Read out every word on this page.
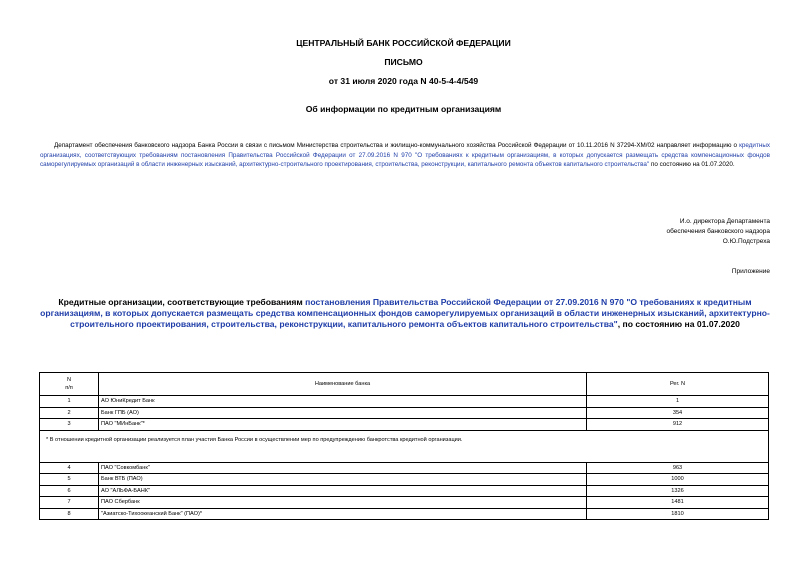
ЦЕНТРАЛЬНЫЙ БАНК РОССИЙСКОЙ ФЕДЕРАЦИИ
ПИСЬМО
от 31 июля 2020 года N 40-5-4-4/549
Об информации по кредитным организациям

Департамент обеспечения банковского надзора Банка России в связи с письмом Министерства строительства и жилищно-коммунального хозяйства Российской Федерации от 10.11.2016 N 37294-ХМ/02 направляет информацию о кредитных организациях, соответствующих требованиям постановления Правительства Российской Федерации от 27.09.2016 N 970 "О требованиях к кредитным организациям, в которых допускается размещать средства компенсационных фондов саморегулируемых организаций в области инженерных изысканий, архитектурно-строительного проектирования, строительства, реконструкции, капитального ремонта объектов капитального строительства" по состоянию на 01.07.2020.

И.о. директора Департамента
обеспечения банковского надзора
О.Ю.Подстреха
Приложение

Кредитные организации, соответствующие требованиям постановления Правительства Российской Федерации от 27.09.2016 N 970 "О требованиях к кредитным организациям, в которых допускается размещать средства компенсационных фондов саморегулируемых организаций в области инженерных изысканий, архитектурно-строительного проектирования, строительства, реконструкции, капитального ремонта объектов капитального строительства", по состоянию на 01.07.2020

N
п/п	Наименование банка	Рег. N
1	АО ЮниКредит Банк	1
2	Банк ГПБ (АО)	354
3	ПАО "МИнБанк"*	912
* В отношении кредитной организации реализуется план участия Банка России в осуществлении мер по предупреждению банкротства кредитной организации.		
4	ПАО "Совкомбанк"	963
5	Банк ВТБ (ПАО)	1000
6	АО "АЛЬФА-БАНК"	1326
7	ПАО Сбербанк	1481
8	"Азиатско-Тихоокеанский Банк" (ПАО)*	1810
